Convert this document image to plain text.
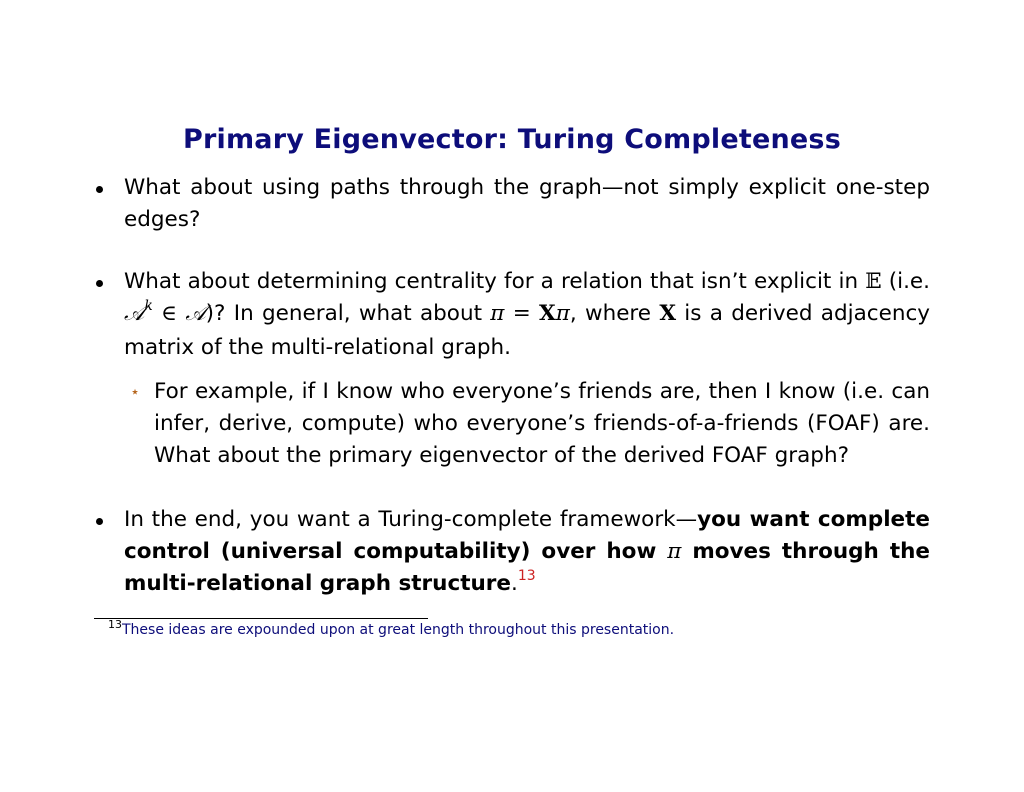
Primary Eigenvector: Turing Completeness
What about using paths through the graph—not simply explicit one-step edges?
What about determining centrality for a relation that isn’t explicit in 𝔼 (i.e. 𝒜$^k$ ∈ 𝒜)? In general, what about π = Xπ, where X is a derived adjacency matrix of the multi-relational graph.
⋆ For example, if I know who everyone’s friends are, then I know (i.e. can infer, derive, compute) who everyone’s friends-of-a-friends (FOAF) are. What about the primary eigenvector of the derived FOAF graph?
In the end, you want a Turing-complete framework—you want complete control (universal computability) over how π moves through the multi-relational graph structure.$^{13}$
$^{13}$These ideas are expounded upon at great length throughout this presentation.
